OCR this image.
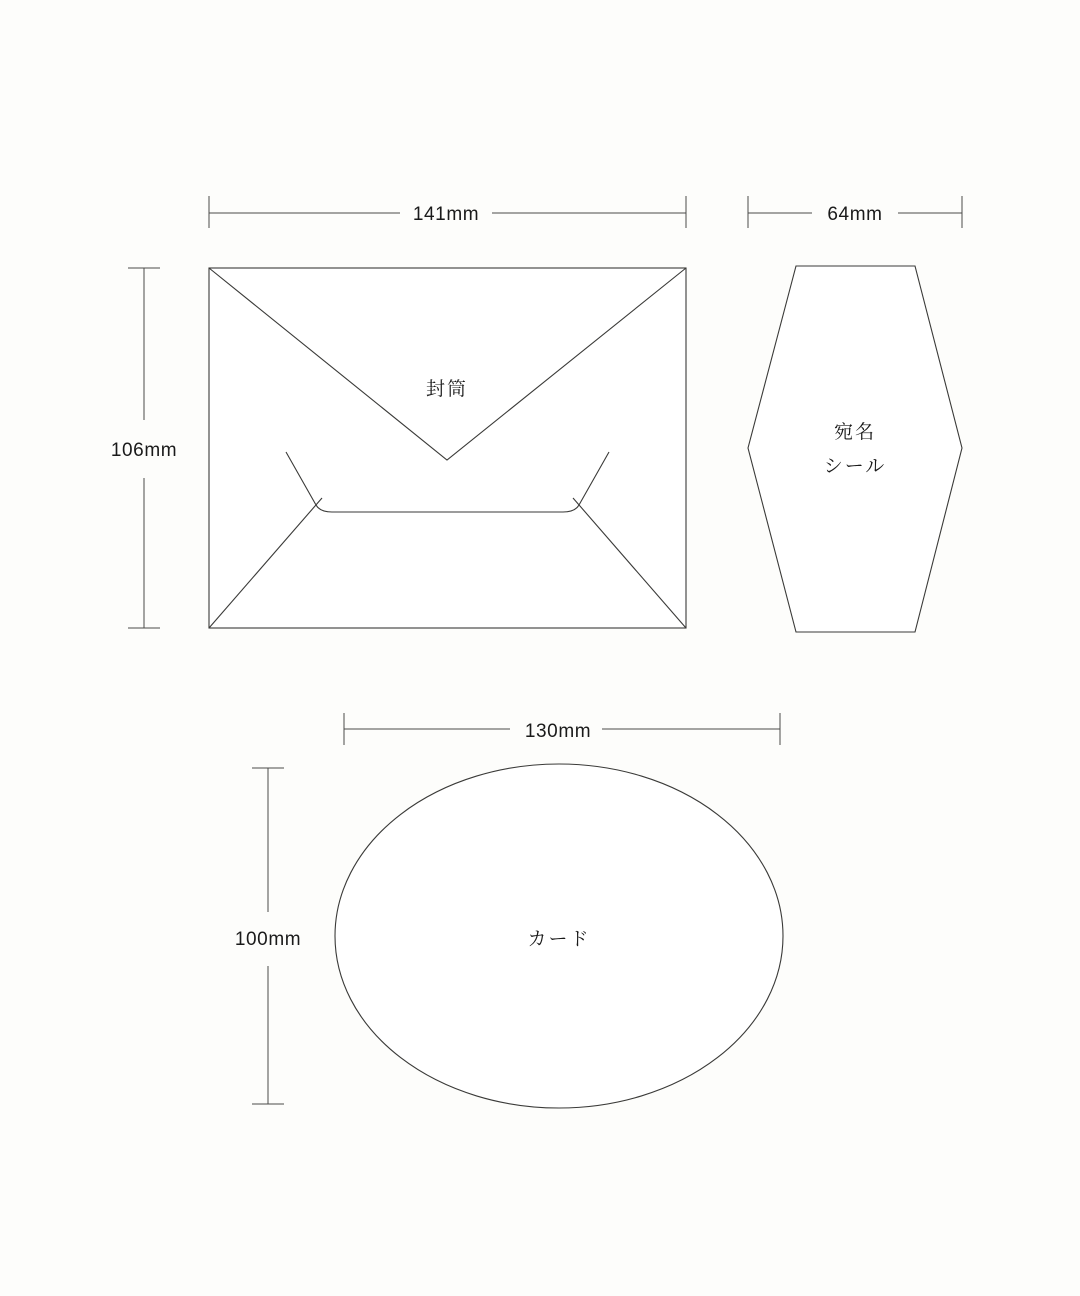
141mm
106mm
封筒
64mm
宛名
シール
130mm
100mm	カード
